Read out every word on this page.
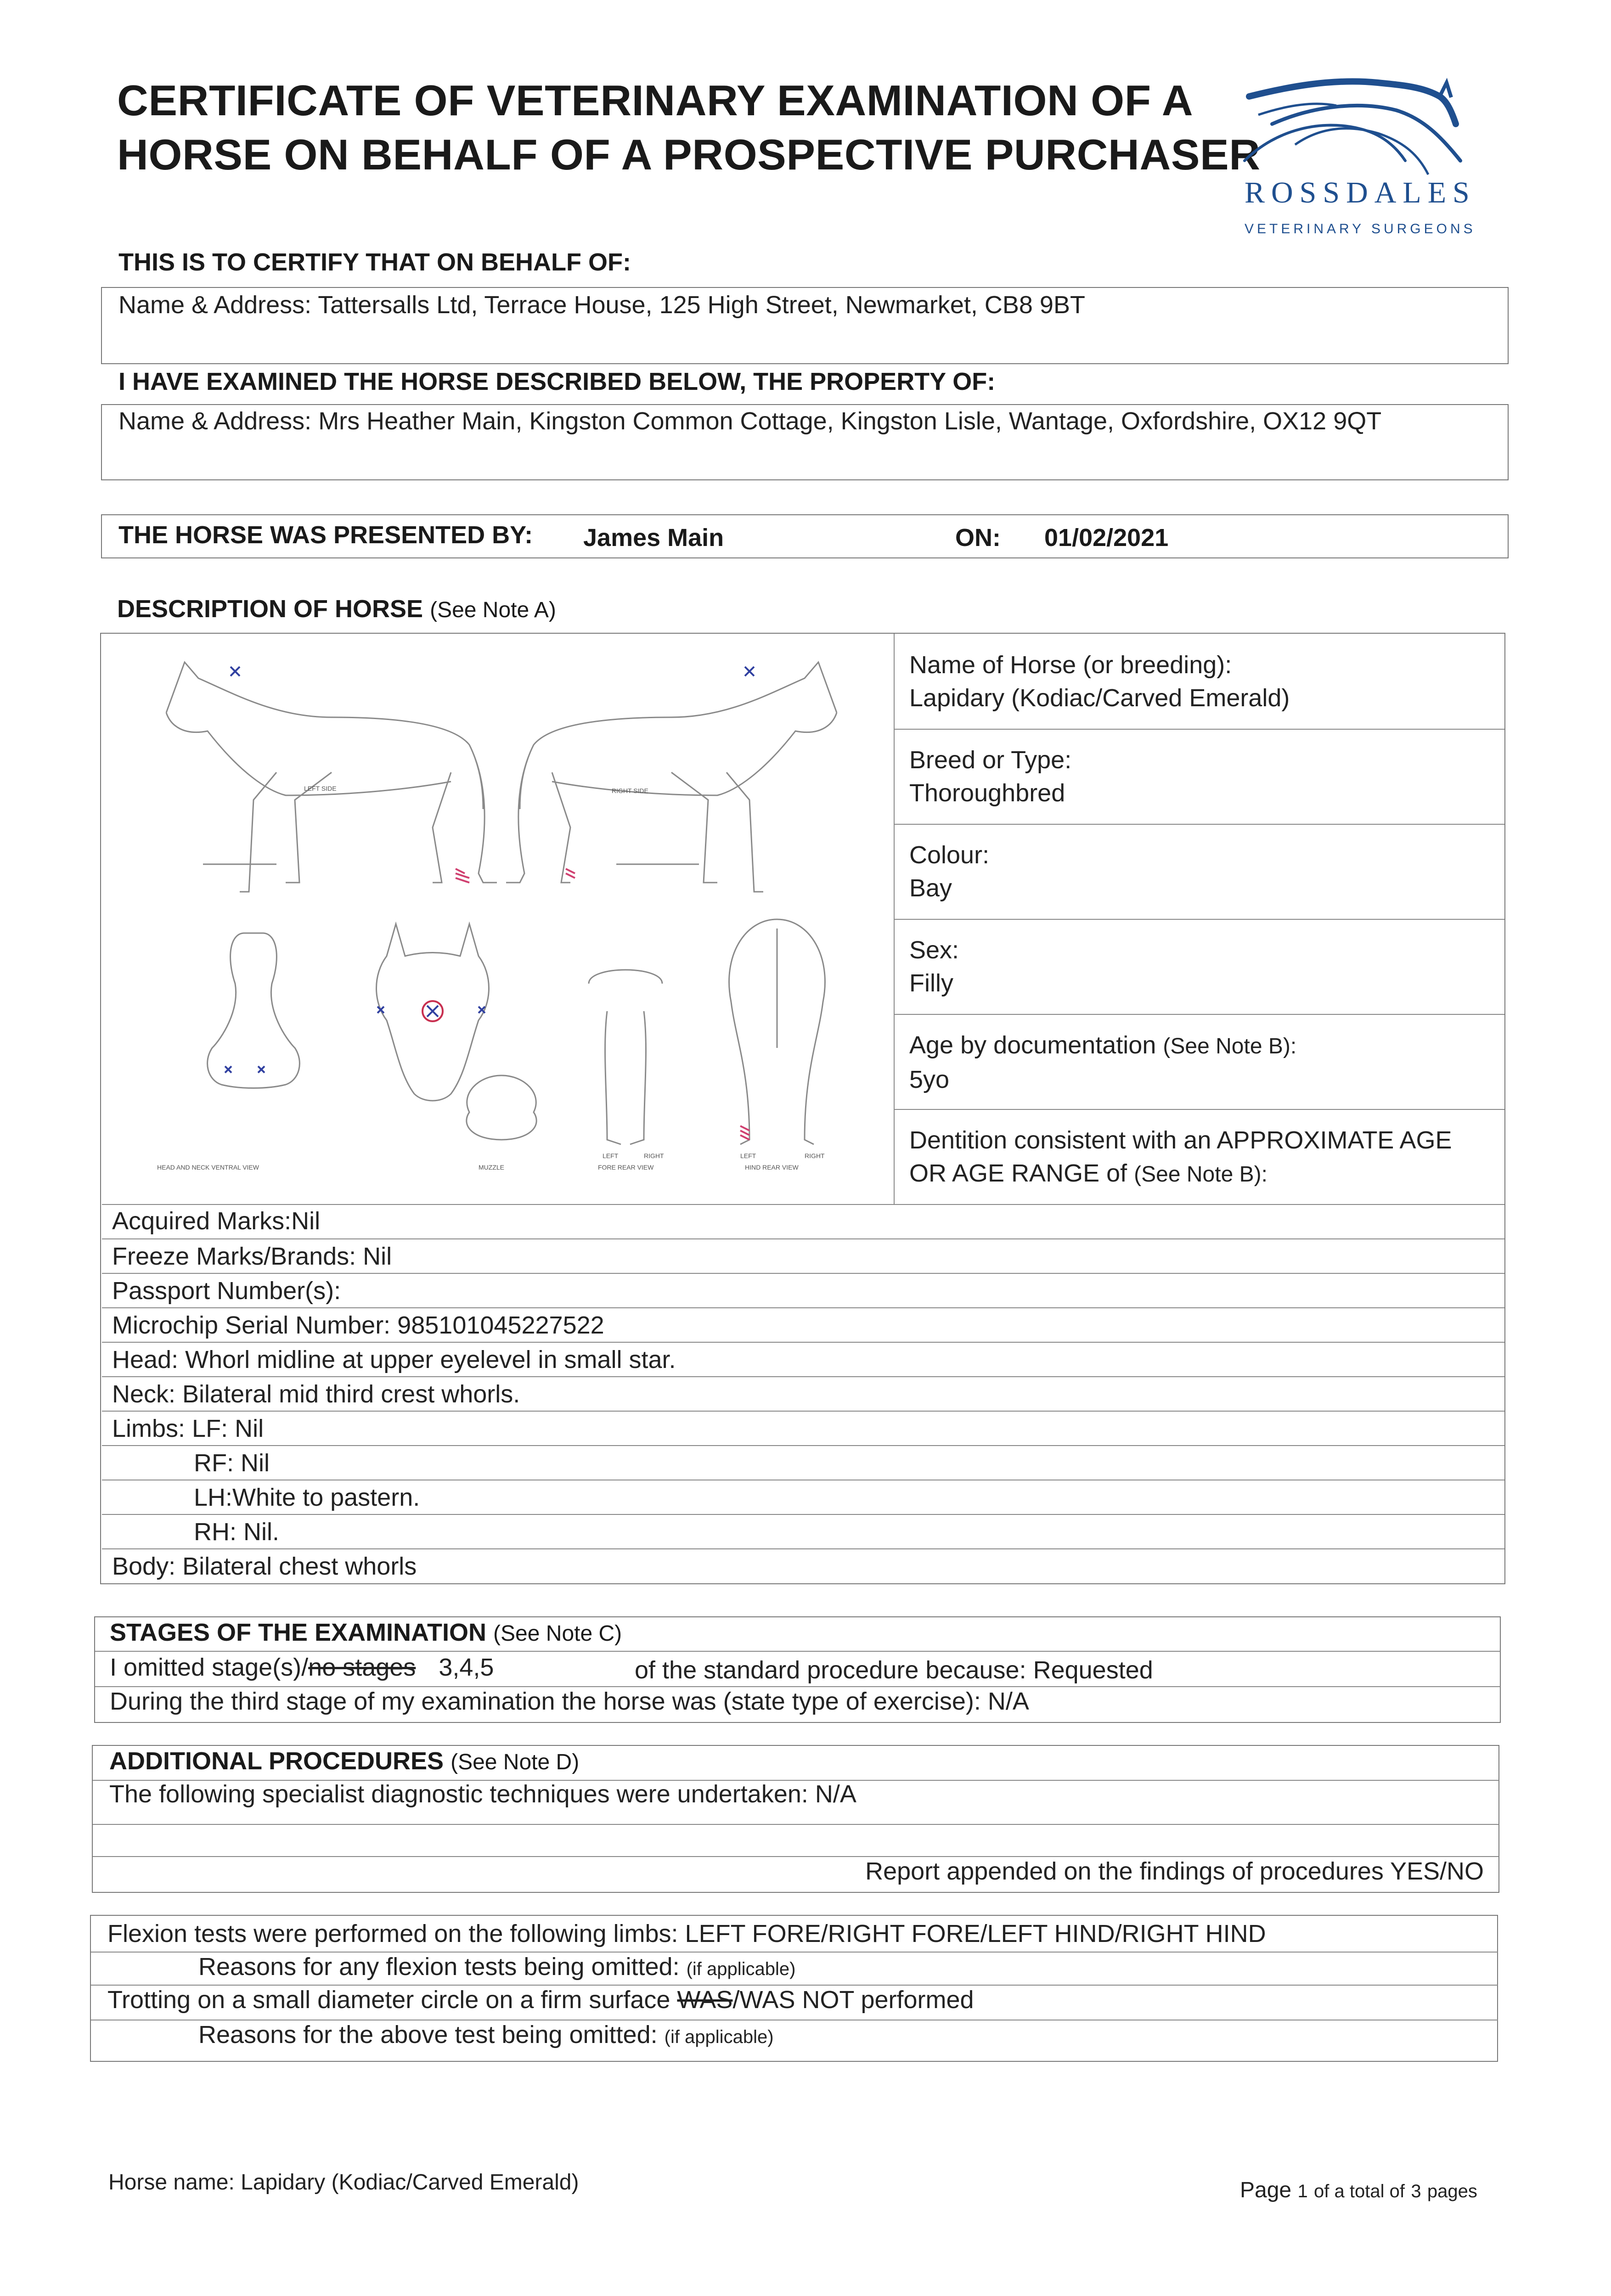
CERTIFICATE OF VETERINARY EXAMINATION OF A
HORSE ON BEHALF OF A PROSPECTIVE PURCHASER
ROSSDALES
VETERINARY SURGEONS
THIS IS TO CERTIFY THAT ON BEHALF OF:
Name & Address: Tattersalls Ltd, Terrace House, 125 High Street, Newmarket, CB8 9BT
I HAVE EXAMINED THE HORSE DESCRIBED BELOW, THE PROPERTY OF:
Name & Address: Mrs Heather Main, Kingston Common Cottage, Kingston Lisle, Wantage, Oxfordshire, OX12 9QT
THE HORSE WAS PRESENTED BY: James Main	ON: 01/02/2021
DESCRIPTION OF HORSE (See Note A)
LEFT SIDE	RIGHT SIDE
HEAD AND NECK VENTRAL VIEW	MUZZLE
LEFT	RIGHT
FORE REAR VIEW
LEFT	RIGHT
HIND REAR VIEW
Name of Horse (or breeding):
Lapidary (Kodiac/Carved Emerald)
Breed or Type:
Thoroughbred
Colour:
Bay
Sex:
Filly
Age by documentation (See Note B):
5yo
Dentition consistent with an APPROXIMATE AGE
OR AGE RANGE of (See Note B):
Acquired Marks:Nil
Freeze Marks/Brands: Nil
Passport Number(s):
Microchip Serial Number: 985101045227522
Head: Whorl midline at upper eyelevel in small star.
Neck: Bilateral mid third crest whorls.
Limbs: LF: Nil
RF: Nil
LH:White to pastern.
RH: Nil.
Body: Bilateral chest whorls
STAGES OF THE EXAMINATION (See Note C)
I omitted stage(s)/no stages 3,4,5	of the standard procedure because: Requested
During the third stage of my examination the horse was (state type of exercise): N/A
ADDITIONAL PROCEDURES (See Note D)
The following specialist diagnostic techniques were undertaken: N/A
Report appended on the findings of procedures YES/NO
Flexion tests were performed on the following limbs: LEFT FORE/RIGHT FORE/LEFT HIND/RIGHT HIND
Reasons for any flexion tests being omitted: (if applicable)
Trotting on a small diameter circle on a firm surface WAS/WAS NOT performed
Reasons for the above test being omitted: (if applicable)
Horse name: Lapidary (Kodiac/Carved Emerald)	Page 1 of a total of 3 pages
